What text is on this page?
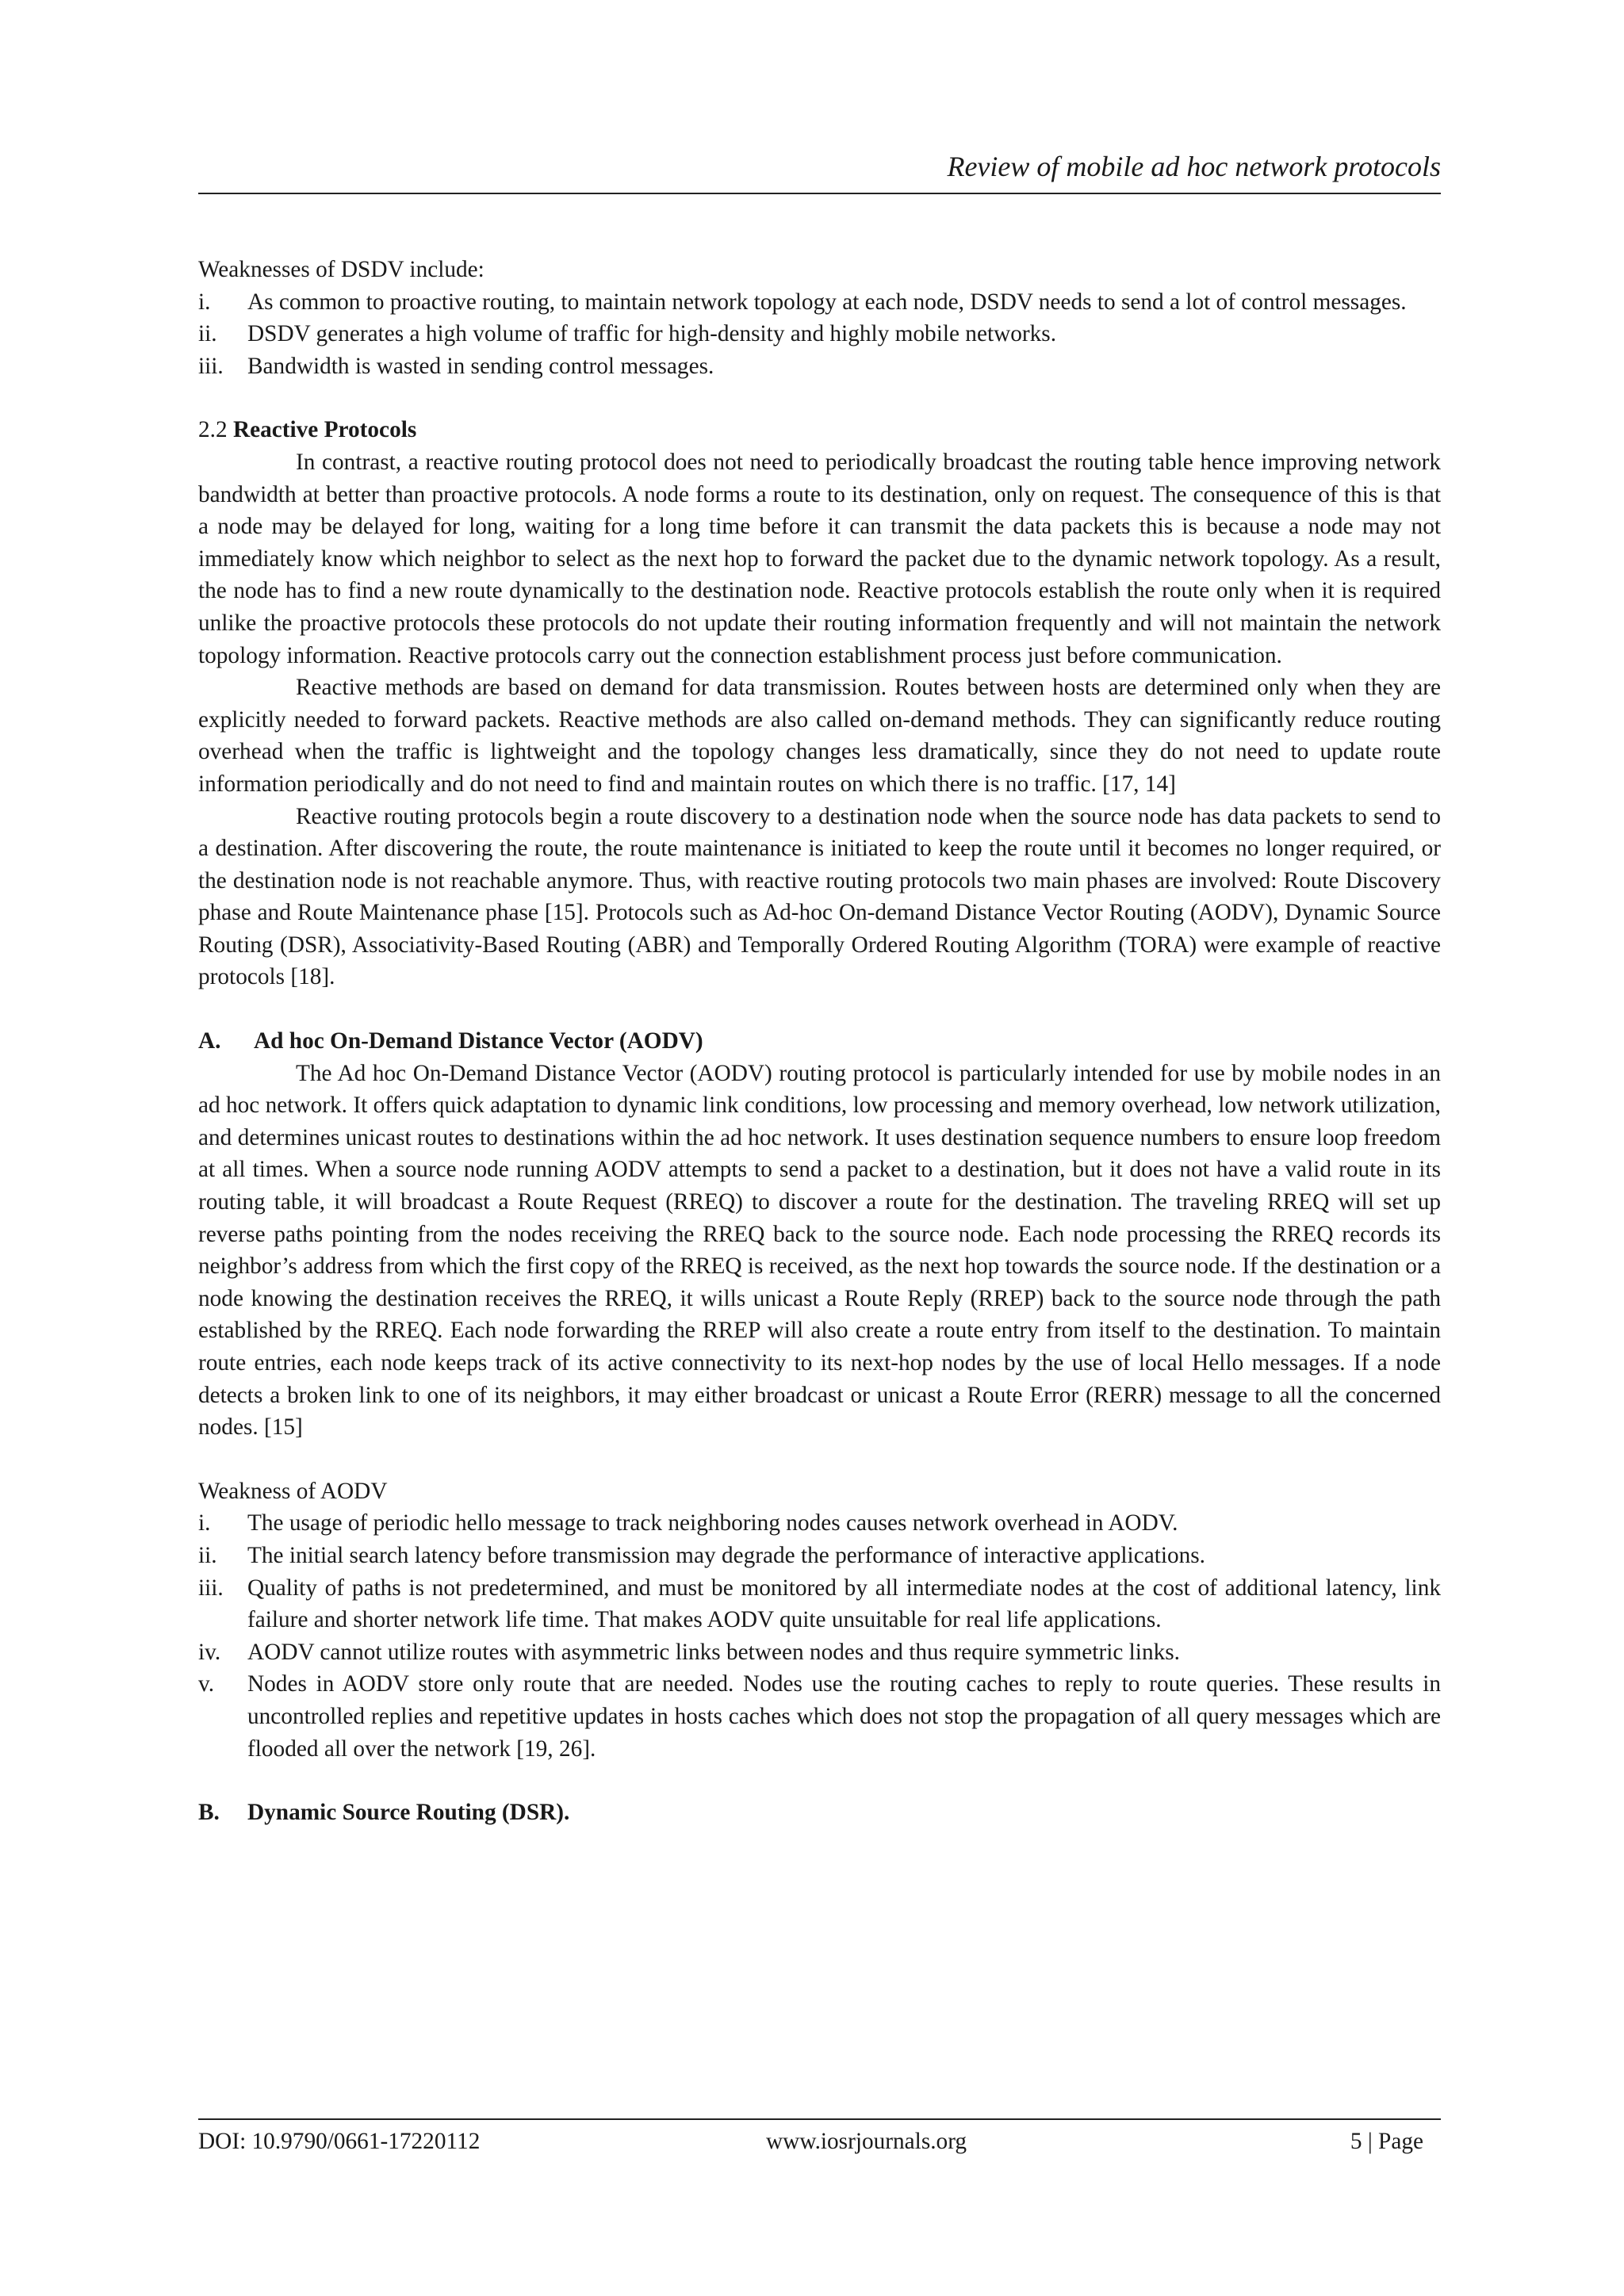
Review of mobile ad hoc network protocols

Weaknesses of DSDV include:

i.	As common to proactive routing, to maintain network topology at each node, DSDV needs to send a lot of control messages.
ii.	DSDV generates a high volume of traffic for high-density and highly mobile networks.
iii.	Bandwidth is wasted in sending control messages.

2.2 Reactive Protocols

In contrast, a reactive routing protocol does not need to periodically broadcast the routing table hence improving network bandwidth at better than proactive protocols. A node forms a route to its destination, only on request. The consequence of this is that a node may be delayed for long, waiting for a long time before it can transmit the data packets this is because a node may not immediately know which neighbor to select as the next hop to forward the packet due to the dynamic network topology. As a result, the node has to find a new route dynamically to the destination node. Reactive protocols establish the route only when it is required unlike the proactive protocols these protocols do not update their routing information frequently and will not maintain the network topology information. Reactive protocols carry out the connection establishment process just before communication.

Reactive methods are based on demand for data transmission. Routes between hosts are determined only when they are explicitly needed to forward packets. Reactive methods are also called on-demand methods. They can significantly reduce routing overhead when the traffic is lightweight and the topology changes less dramatically, since they do not need to update route information periodically and do not need to find and maintain routes on which there is no traffic. [17, 14]

Reactive routing protocols begin a route discovery to a destination node when the source node has data packets to send to a destination. After discovering the route, the route maintenance is initiated to keep the route until it becomes no longer required, or the destination node is not reachable anymore. Thus, with reactive routing protocols two main phases are involved: Route Discovery phase and Route Maintenance phase [15]. Protocols such as Ad-hoc On-demand Distance Vector Routing (AODV), Dynamic Source Routing (DSR), Associativity-Based Routing (ABR) and Temporally Ordered Routing Algorithm (TORA) were example of reactive protocols [18].

A.	Ad hoc On-Demand Distance Vector (AODV)

The Ad hoc On-Demand Distance Vector (AODV) routing protocol is particularly intended for use by mobile nodes in an ad hoc network. It offers quick adaptation to dynamic link conditions, low processing and memory overhead, low network utilization, and determines unicast routes to destinations within the ad hoc network. It uses destination sequence numbers to ensure loop freedom at all times. When a source node running AODV attempts to send a packet to a destination, but it does not have a valid route in its routing table, it will broadcast a Route Request (RREQ) to discover a route for the destination. The traveling RREQ will set up reverse paths pointing from the nodes receiving the RREQ back to the source node. Each node processing the RREQ records its neighbor’s address from which the first copy of the RREQ is received, as the next hop towards the source node. If the destination or a node knowing the destination receives the RREQ, it wills unicast a Route Reply (RREP) back to the source node through the path established by the RREQ. Each node forwarding the RREP will also create a route entry from itself to the destination. To maintain route entries, each node keeps track of its active connectivity to its next-hop nodes by the use of local Hello messages. If a node detects a broken link to one of its neighbors, it may either broadcast or unicast a Route Error (RERR) message to all the concerned nodes. [15]

Weakness of AODV

i.	The usage of periodic hello message to track neighboring nodes causes network overhead in AODV.
ii.	The initial search latency before transmission may degrade the performance of interactive applications.
iii.	Quality of paths is not predetermined, and must be monitored by all intermediate nodes at the cost of additional latency, link failure and shorter network life time. That makes AODV quite unsuitable for real life applications.
iv.	AODV cannot utilize routes with asymmetric links between nodes and thus require symmetric links.
v.	Nodes in AODV store only route that are needed. Nodes use the routing caches to reply to route queries. These results in uncontrolled replies and repetitive updates in hosts caches which does not stop the propagation of all query messages which are flooded all over the network [19, 26].
B.	Dynamic Source Routing (DSR).
DOI: 10.9790/0661-17220112	www.iosrjournals.org	5 | Page
